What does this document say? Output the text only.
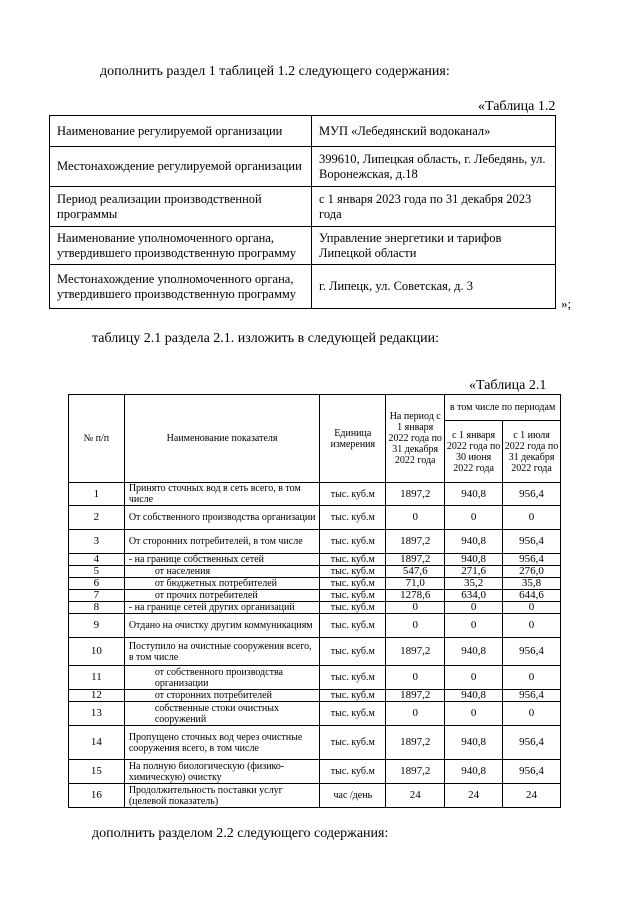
дополнить раздел 1 таблицей 1.2 следующего содержания:
«Таблица 1.2
Наименование регулируемой организации	МУП «Лебедянский водоканал»
Местонахождение регулируемой организации	399610, Липецкая область, г. Лебедянь, ул. Воронежская, д.18
Период реализации производственной программы	с 1 января 2023 года по 31 декабря 2023 года
Наименование уполномоченного органа, утвердившего производственную программу	Управление энергетики и тарифов Липецкой области
Местонахождение уполномоченного органа, утвердившего производственную программу	г. Липецк, ул. Советская, д. 3
»;
таблицу 2.1 раздела 2.1. изложить в следующей редакции:
«Таблица 2.1
№ п/п	Наименование показателя	Единица измерения	На период с 1 января 2022 года по 31 декабря 2022 года	в том числе по периодам	
				с 1 января 2022 года по 30 июня 2022 года	с 1 июля 2022 года по 31 декабря 2022 года
1	Принято сточных вод в сеть всего, в том числе	тыс. куб.м	1897,2	940,8	956,4
2	От собственного производства организации	тыс. куб.м	0	0	0
3	От сторонних потребителей, в том числе	тыс. куб.м	1897,2	940,8	956,4
4	- на границе собственных сетей	тыс. куб.м	1897,2	940,8	956,4
5	от населения	тыс. куб.м	547,6	271,6	276,0
6	от бюджетных потребителей	тыс. куб.м	71,0	35,2	35,8
7	от прочих потребителей	тыс. куб.м	1278,6	634,0	644,6
8	- на границе сетей других организаций	тыс. куб.м	0	0	0
9	Отдано на очистку другим коммуникациям	тыс. куб.м	0	0	0
10	Поступило на очистные сооружения всего, в том числе	тыс. куб.м	1897,2	940,8	956,4
11	от собственного производства организации	тыс. куб.м	0	0	0
12	от сторонних потребителей	тыс. куб.м	1897,2	940,8	956,4
13	собственные стоки очистных сооружений	тыс. куб.м	0	0	0
14	Пропущено сточных вод через очистные сооружения всего, в том числе	тыс. куб.м	1897,2	940,8	956,4
15	На полную биологическую (физико-химическую) очистку	тыс. куб.м	1897,2	940,8	956,4
16	Продолжительность поставки услуг (целевой показатель)	час /день	24	24	24
дополнить разделом 2.2 следующего содержания:
